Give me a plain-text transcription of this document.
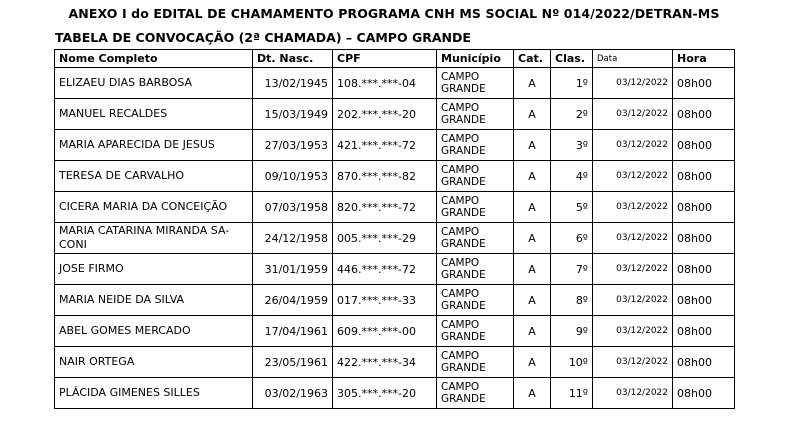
ANEXO I do EDITAL DE CHAMAMENTO PROGRAMA CNH MS SOCIAL Nº 014/2022/DETRAN-MS
TABELA DE CONVOCAÇÃO (2ª CHAMADA) – CAMPO GRANDE
Nome Completo	Dt. Nasc.	CPF	Município	Cat.	Clas.	Data	Hora
ELIZAEU DIAS BARBOSA	13/02/1945	108.***.***-04	CAMPO GRANDE	A	1º	03/12/2022	08h00
MANUEL RECALDES	15/03/1949	202.***.***-20	CAMPO GRANDE	A	2º	03/12/2022	08h00
MARIA APARECIDA DE JESUS	27/03/1953	421.***.***-72	CAMPO GRANDE	A	3º	03/12/2022	08h00
TERESA DE CARVALHO	09/10/1953	870.***.***-82	CAMPO GRANDE	A	4º	03/12/2022	08h00
CICERA MARIA DA CONCEIÇÃO	07/03/1958	820.***.***-72	CAMPO GRANDE	A	5º	03/12/2022	08h00
MARIA CATARINA MIRANDA SA-CONI	24/12/1958	005.***.***-29	CAMPO GRANDE	A	6º	03/12/2022	08h00
JOSE FIRMO	31/01/1959	446.***.***-72	CAMPO GRANDE	A	7º	03/12/2022	08h00
MARIA NEIDE DA SILVA	26/04/1959	017.***.***-33	CAMPO GRANDE	A	8º	03/12/2022	08h00
ABEL GOMES MERCADO	17/04/1961	609.***.***-00	CAMPO GRANDE	A	9º	03/12/2022	08h00
NAIR ORTEGA	23/05/1961	422.***.***-34	CAMPO GRANDE	A	10º	03/12/2022	08h00
PLÁCIDA GIMENES SILLES	03/02/1963	305.***.***-20	CAMPO GRANDE	A	11º	03/12/2022	08h00
